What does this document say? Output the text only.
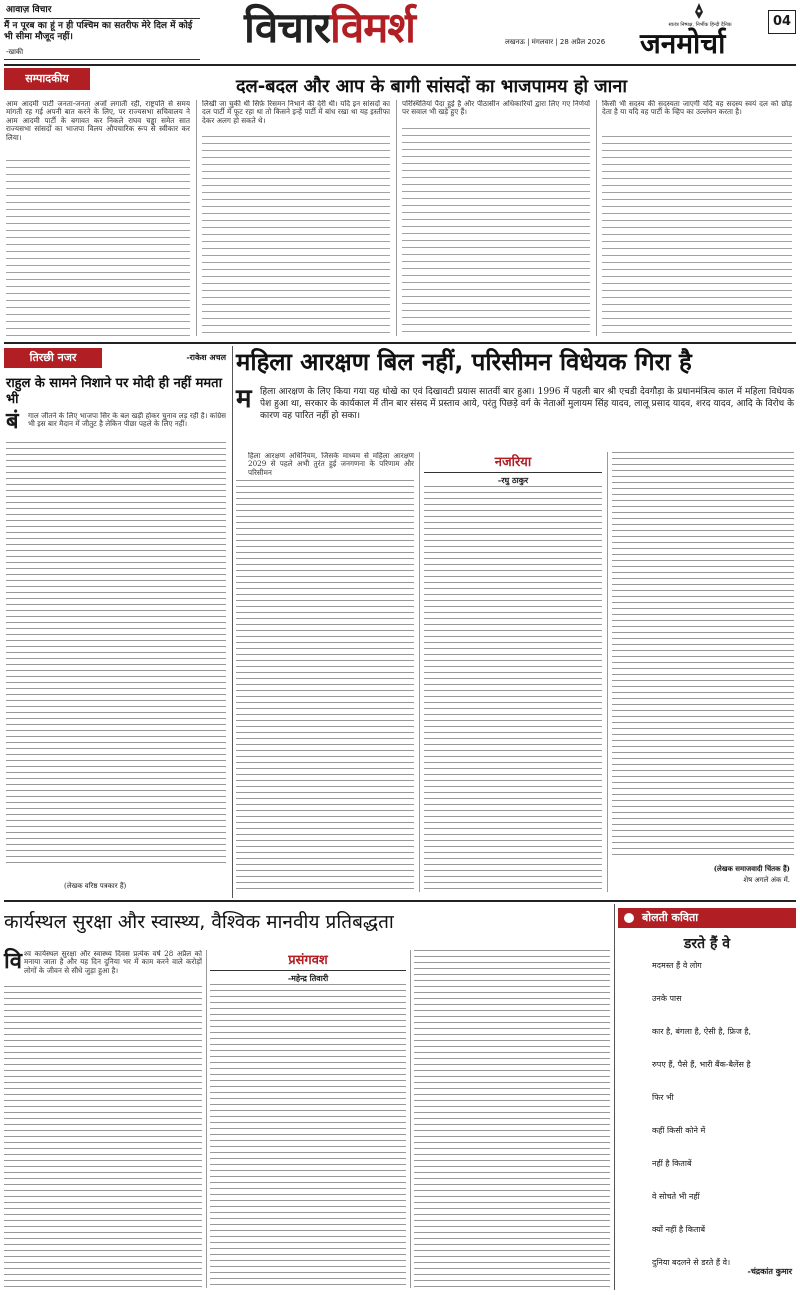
आवाज़ विचार
मैं न पूरब का हूं न ही पश्चिम का सतरीफ मेरे दिल में कोई भी सीमा मौजूद नहीं।
-खाकी	विचारविमर्श	लखनऊ | मंगलवार | 28 अप्रैल 2026
स्वतंत्र निष्पक्ष, निर्भीक हिन्दी दैनिक
जनमोर्चा
04
सम्पादकीय	दल-बदल और आप के बागी सांसदों का भाजपामय हो जाना
आम आदमी पार्टी जनता-जनता अजों लगाती रही, राष्ट्रपति से समय मांगती रह गई अपनी बात करने के लिए, पर राज्यसभा सचिवालय ने आम आदमी पार्टी के बगावत कर निकले राघव चड्ढा समेत सात राज्यसभा सांसदों का भाजपा विलय औपचारिक रूप से स्वीकार कर लिया।
लिखी जा चुकी थी सिर्फ़ रिसमन निभाने की देरी थी। यदि इन सांसदों का दल पार्टी में फूट रहा था तो किसने इन्हें पार्टी में बांध रखा था यह इस्तीफा देकर अलग हो सकते थे।
परिस्थितियां पैदा हुई है और पीठासीन अधिकारियों द्वारा लिए गए निर्णयों पर सवाल भी खड़े हुए हैं।
किसी भी सदस्य की सदस्यता जाएगी यदि वह सदस्य स्वयं दल को छोड़ देता है या यदि वह पार्टी के व्हिप का उल्लंघन करता है।
तिरछी नजर	-राकेश अचल
राहुल के सामने निशाने पर मोदी ही नहीं ममता भी
बं गाल जीतने के लिए भाजपा सिर के बल खड़ी होकर चुनाव लड़ रही है। कांग्रेस भी इस बार मैदान में जीतुट है लेकिन पीछा पहले के लिए नहीं।
(लेखक वरिष्ठ पत्रकार हैं)
महिला आरक्षण बिल नहीं, परिसीमन विधेयक गिरा है
म हिला आरक्षण के लिए किया गया यह धोखे का एवं दिखावटी प्रयास सातवीं बार हुआ। 1996 में पहली बार श्री एचडी देवगौड़ा के प्रधानमंत्रित्व काल में महिला विधेयक पेश हुआ था, सरकार के कार्यकाल में तीन बार संसद में प्रस्ताव आये, परंतु पिछड़े वर्ग के नेताओं मुलायम सिंह यादव, लालू प्रसाद यादव, शरद यादव, आदि के विरोध के कारण वह पारित नहीं हो सका।
हिला आरक्षण अधिनियम, जिसके माध्यम से महिला आरक्षण 2029 से पहले अभी तुरंत हुई जनगणना के परिणाम और परिसीमन
नजरिया
-रघु ठाकुर
(लेखक समाजवादी चिंतक हैं)
शेष अगले अंक में.
कार्यस्थल सुरक्षा और स्वास्थ्य, वैश्विक मानवीय प्रतिबद्धता
वि श्व कार्यस्थल सुरक्षा और स्वास्थ्य दिवस प्रत्येक वर्ष 28 अप्रैल को मनाया जाता है और यह दिन दुनिया भर में काम करने वाले करोड़ों लोगों के जीवन से सीधे जुड़ा हुआ है।
प्रसंगवश
-महेन्द्र तिवारी
बोलती कविता
डरते हैं वे
मदमस्त हैं वे लोग
उनके पास
कार है, बंगला है, ऐसी है, फ्रिज है,
रुपए हैं, पैसे हैं, भारी बैंक-बैलेंस है
फिर भी
कहीं किसी कोने में
नहीं है किताबें
वे सोचते भी नहीं
क्यों नहीं है किताबें
दुनिया बदलने से डरते हैं वे।
-चंद्रकांत कुमार
